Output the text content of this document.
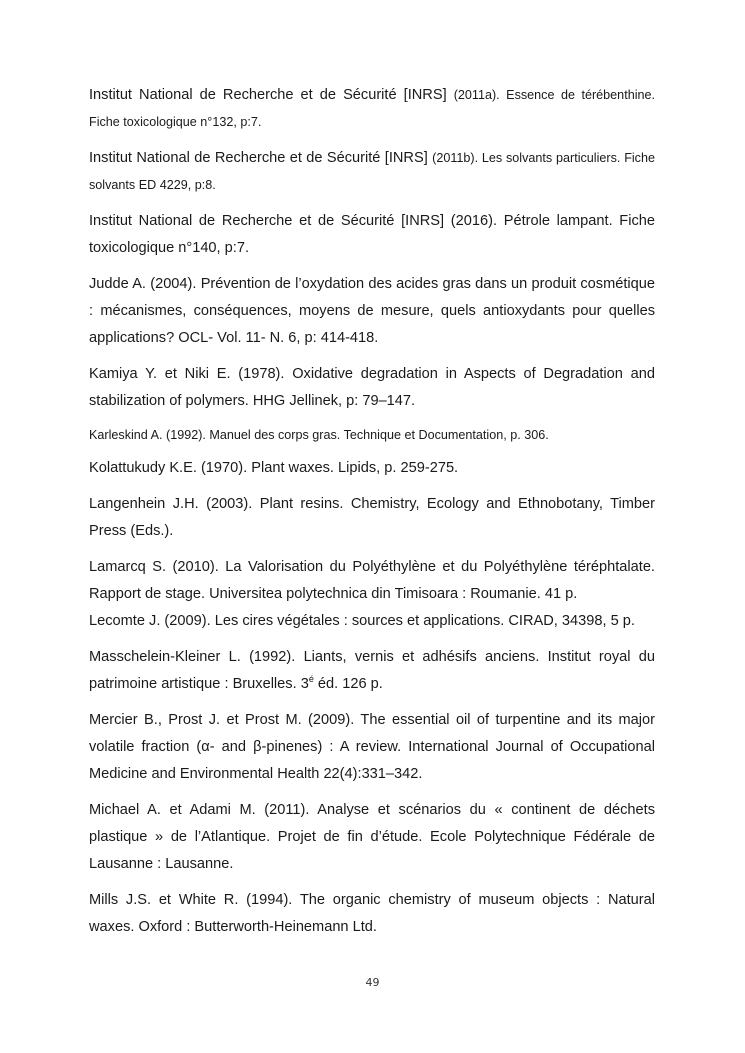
Institut National de Recherche et de Sécurité [INRS] (2011a). Essence de térébenthine. Fiche toxicologique n°132, p:7.

Institut National de Recherche et de Sécurité [INRS] (2011b). Les solvants particuliers. Fiche solvants ED 4229, p:8.

Institut National de Recherche et de Sécurité [INRS] (2016). Pétrole lampant. Fiche toxicologique n°140, p:7.

Judde A. (2004). Prévention de l’oxydation des acides gras dans un produit cosmétique : mécanismes, conséquences, moyens de mesure, quels antioxydants pour quelles applications? OCL- Vol. 11- N. 6, p: 414-418.

Kamiya Y. et Niki E. (1978). Oxidative degradation in Aspects of Degradation and stabilization of polymers. HHG Jellinek, p: 79–147.

Karleskind A. (1992). Manuel des corps gras. Technique et Documentation, p. 306.

Kolattukudy K.E. (1970). Plant waxes. Lipids, p. 259-275.

Langenhein J.H. (2003). Plant resins. Chemistry, Ecology and Ethnobotany, Timber Press (Eds.).

Lamarcq S. (2010). La Valorisation du Polyéthylène et du Polyéthylène téréphtalate. Rapport de stage. Universitea polytechnica din Timisoara : Roumanie. 41 p.

Lecomte J. (2009). Les cires végétales : sources et applications. CIRAD, 34398, 5 p.

Masschelein-Kleiner L. (1992). Liants, vernis et adhésifs anciens. Institut royal du patrimoine artistique : Bruxelles. $3^é$ éd. 126 p.

Mercier B., Prost J. et Prost M. (2009). The essential oil of turpentine and its major volatile fraction (α- and β-pinenes) : A review. International Journal of Occupational Medicine and Environmental Health 22(4):331–342.

Michael A. et Adami M. (2011). Analyse et scénarios du « continent de déchets plastique » de l’Atlantique. Projet de fin d’étude. Ecole Polytechnique Fédérale de Lausanne : Lausanne.

Mills J.S. et White R. (1994). The organic chemistry of museum objects : Natural waxes. Oxford : Butterworth-Heinemann Ltd.

49
